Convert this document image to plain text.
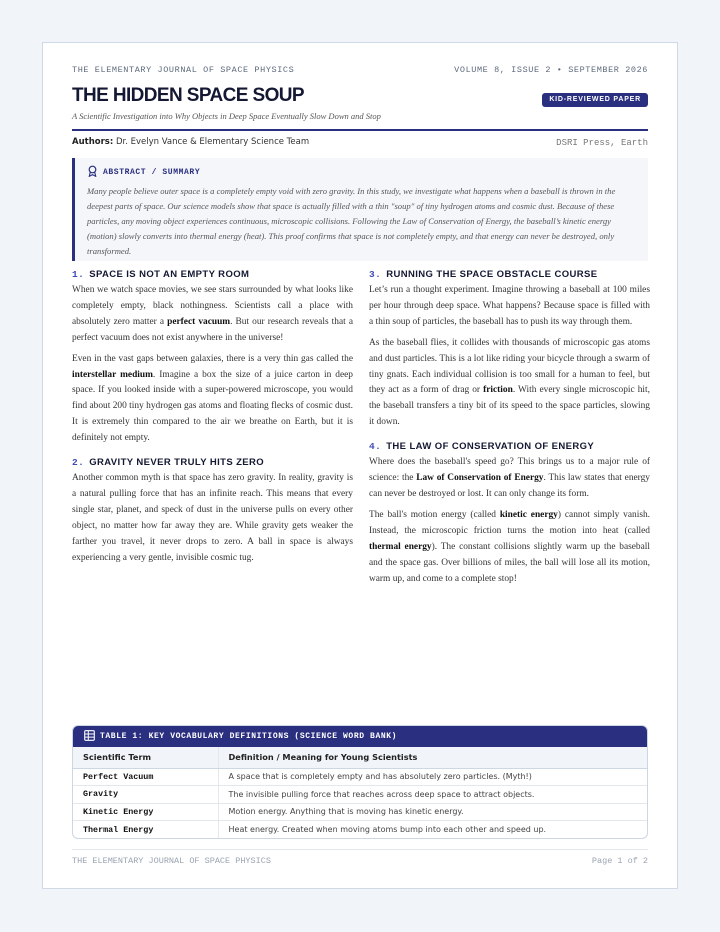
THE ELEMENTARY JOURNAL OF SPACE PHYSICS	VOLUME 8, ISSUE 2 • SEPTEMBER 2026
THE HIDDEN SPACE SOUP	KID-REVIEWED PAPER
A Scientific Investigation into Why Objects in Deep Space Eventually Slow Down and Stop
Authors: Dr. Evelyn Vance & Elementary Science Team	DSRI Press, Earth
ABSTRACT / SUMMARY
Many people believe outer space is a completely empty void with zero gravity. In this study, we investigate what happens when a baseball is thrown in the deepest parts of space. Our science models show that space is actually filled with a thin "soup" of tiny hydrogen atoms and cosmic dust. Because of these particles, any moving object experiences continuous, microscopic collisions. Following the Law of Conservation of Energy, the baseball’s kinetic energy (motion) slowly converts into thermal energy (heat). This proof confirms that space is not completely empty, and that energy can never be destroyed, only transformed.
1. SPACE IS NOT AN EMPTY ROOM

When we watch space movies, we see stars surrounded by what looks like completely empty, black nothingness. Scientists call a place with absolutely zero matter a perfect vacuum. But our research reveals that a perfect vacuum does not exist anywhere in the universe!

Even in the vast gaps between galaxies, there is a very thin gas called the interstellar medium. Imagine a box the size of a juice carton in deep space. If you looked inside with a super-powered microscope, you would find about 200 tiny hydrogen gas atoms and floating flecks of cosmic dust. It is extremely thin compared to the air we breathe on Earth, but it is definitely not empty.

2. GRAVITY NEVER TRULY HITS ZERO

Another common myth is that space has zero gravity. In reality, gravity is a natural pulling force that has an infinite reach. This means that every single star, planet, and speck of dust in the universe pulls on every other object, no matter how far away they are. While gravity gets weaker the farther you travel, it never drops to zero. A ball in space is always experiencing a very gentle, invisible cosmic tug.

3. RUNNING THE SPACE OBSTACLE COURSE

Let’s run a thought experiment. Imagine throwing a baseball at 100 miles per hour through deep space. What happens? Because space is filled with a thin soup of particles, the baseball has to push its way through them.

As the baseball flies, it collides with thousands of microscopic gas atoms and dust particles. This is a lot like riding your bicycle through a swarm of tiny gnats. Each individual collision is too small for a human to feel, but they act as a form of drag or friction. With every single microscopic hit, the baseball transfers a tiny bit of its speed to the space particles, slowing it down.

4. THE LAW OF CONSERVATION OF ENERGY

Where does the baseball's speed go? This brings us to a major rule of science: the Law of Conservation of Energy. This law states that energy can never be destroyed or lost. It can only change its form.

The ball's motion energy (called kinetic energy) cannot simply vanish. Instead, the microscopic friction turns the motion into heat (called thermal energy). The constant collisions slightly warm up the baseball and the space gas. Over billions of miles, the ball will lose all its motion, warm up, and come to a complete stop!

TABLE 1: KEY VOCABULARY DEFINITIONS (SCIENCE WORD BANK)
Scientific Term	Definition / Meaning for Young Scientists
Perfect Vacuum	A space that is completely empty and has absolutely zero particles. (Myth!)
Gravity	The invisible pulling force that reaches across deep space to attract objects.
Kinetic Energy	Motion energy. Anything that is moving has kinetic energy.
Thermal Energy	Heat energy. Created when moving atoms bump into each other and speed up.
THE ELEMENTARY JOURNAL OF SPACE PHYSICS	Page 1 of 2
